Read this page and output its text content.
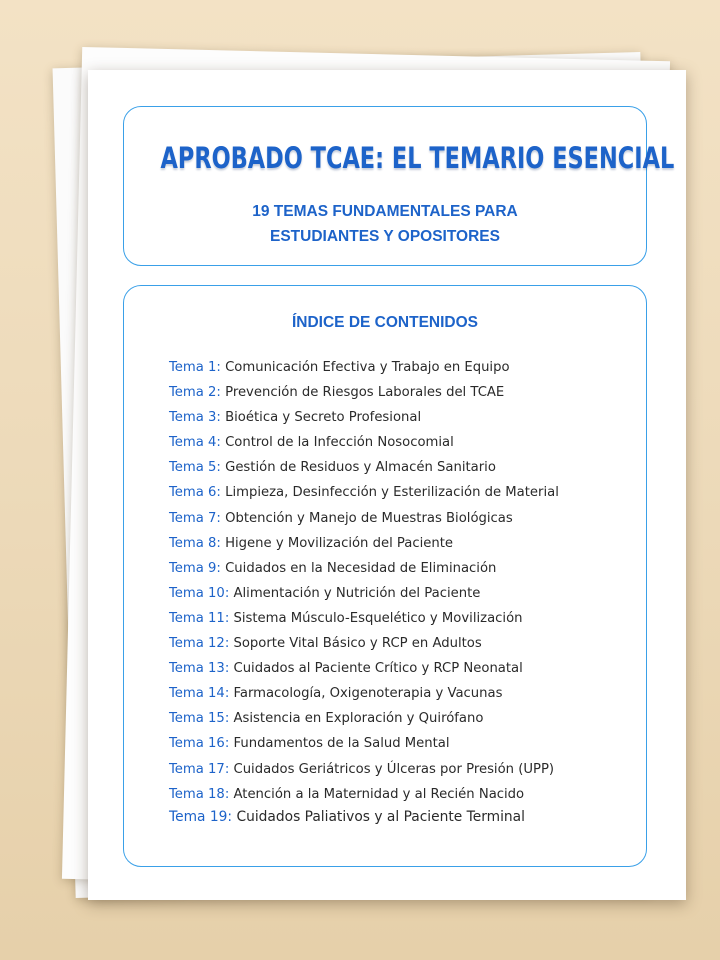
APROBADO TCAE: EL TEMARIO ESENCIAL
19 TEMAS FUNDAMENTALES PARA
ESTUDIANTES Y OPOSITORES
ÍNDICE DE CONTENIDOS
Tema 1: Comunicación Efectiva y Trabajo en Equipo
Tema 2: Prevención de Riesgos Laborales del TCAE
Tema 3: Bioética y Secreto Profesional
Tema 4: Control de la Infección Nosocomial
Tema 5: Gestión de Residuos y Almacén Sanitario
Tema 6: Limpieza, Desinfección y Esterilización de Material
Tema 7: Obtención y Manejo de Muestras Biológicas
Tema 8: Higene y Movilización del Paciente
Tema 9: Cuidados en la Necesidad de Eliminación
Tema 10: Alimentación y Nutrición del Paciente
Tema 11: Sistema Músculo-Esquelético y Movilización
Tema 12: Soporte Vital Básico y RCP en Adultos
Tema 13: Cuidados al Paciente Crítico y RCP Neonatal
Tema 14: Farmacología, Oxigenoterapia y Vacunas
Tema 15: Asistencia en Exploración y Quirófano
Tema 16: Fundamentos de la Salud Mental
Tema 17: Cuidados Geriátricos y Úlceras por Presión (UPP)
Tema 18: Atención a la Maternidad y al Recién Nacido
Tema 19: Cuidados Paliativos y al Paciente Terminal
